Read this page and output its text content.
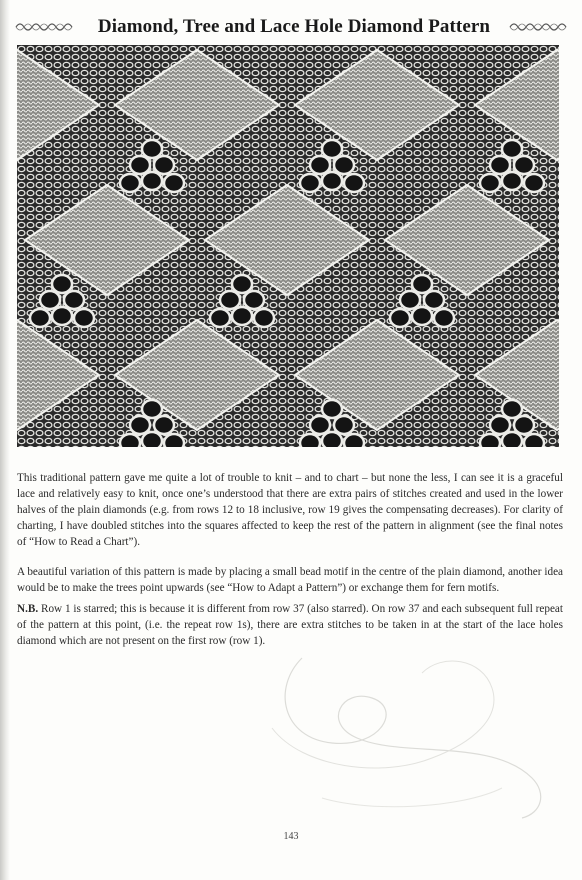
Diamond, Tree and Lace Hole Diamond Pattern
This traditional pattern gave me quite a lot of trouble to knit – and to chart – but none the less, I can see it is a graceful lace and relatively easy to knit, once one’s understood that there are extra pairs of stitches created and used in the lower halves of the plain diamonds (e.g. from rows 12 to 18 inclusive, row 19 gives the compensating decreases). For clarity of charting, I have doubled stitches into the squares affected to keep the rest of the pattern in alignment (see the final notes of “How to Read a Chart”).
A beautiful variation of this pattern is made by placing a small bead motif in the centre of the plain diamond, another idea would be to make the trees point upwards (see “How to Adapt a Pattern”) or exchange them for fern motifs.
N.B. Row 1 is starred; this is because it is different from row 37 (also starred). On row 37 and each subsequent full repeat of the pattern at this point, (i.e. the repeat row 1s), there are extra stitches to be taken in at the start of the lace holes diamond which are not present on the first row (row 1).
143
